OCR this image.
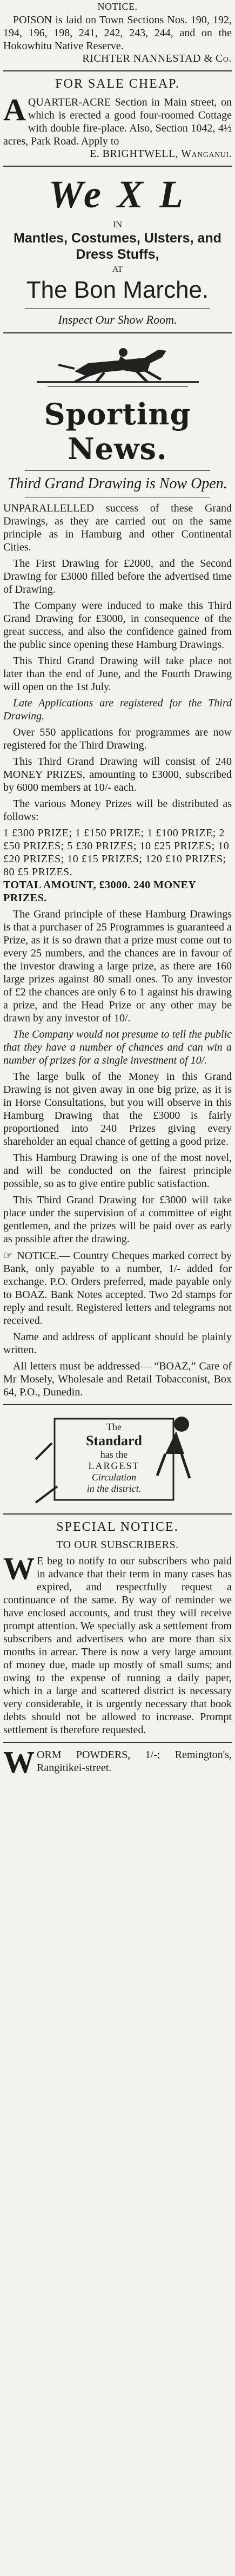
NOTICE.

POISON is laid on Town Sections Nos. 190, 192, 194, 196, 198, 241, 242, 243, 244, and on the Hokowhitu Native Reserve.

RICHTER NANNESTAD & Co.

FOR SALE CHEAP.

AQUARTER-ACRE Section in Main street, on which is erected a good four-roomed Cottage with double fire-place. Also, Section 1042, 4½ acres, Park Road. Apply to

E. BRIGHTWELL, Wanganui.

We X L
IN
Mantles, Costumes, Ulsters, and Dress Stuffs,
AT
The Bon Marche.
Inspect Our Show Room.
Sporting News.
Third Grand Drawing is Now Open.

UNPARALLELLED success of these Grand Drawings, as they are carried out on the same principle as in Hamburg and other Continental Cities.

The First Drawing for £2000, and the Second Drawing for £3000 filled before the advertised time of Drawing.

The Company were induced to make this Third Grand Drawing for £3000, in consequence of the great success, and also the confidence gained from the public since opening these Hamburg Drawings.

This Third Grand Drawing will take place not later than the end of June, and the Fourth Drawing will open on the 1st July.

Late Applications are registered for the Third Drawing.

Over 550 applications for programmes are now registered for the Third Drawing.

This Third Grand Drawing will consist of 240 MONEY PRIZES, amounting to £3000, subscribed by 6000 members at 10/- each.

The various Money Prizes will be distributed as follows:

1 £300 PRIZE; 1 £150 PRIZE; 1 £100 PRIZE; 2 £50 PRIZES; 5 £30 PRIZES; 10 £25 PRIZES; 10 £20 PRIZES; 10 £15 PRIZES; 120 £10 PRIZES; 80 £5 PRIZES.

TOTAL AMOUNT, £3000. 240 MONEY PRIZES.

The Grand principle of these Hamburg Drawings is that a purchaser of 25 Programmes is guaranteed a Prize, as it is so drawn that a prize must come out to every 25 numbers, and the chances are in favour of the investor drawing a large prize, as there are 160 large prizes against 80 small ones. To any investor of £2 the chances are only 6 to 1 against his drawing a prize, and the Head Prize or any other may be drawn by any investor of 10/.

The Company would not presume to tell the public that they have a number of chances and can win a number of prizes for a single investment of 10/.

The large bulk of the Money in this Grand Drawing is not given away in one big prize, as it is in Horse Consultations, but you will observe in this Hamburg Drawing that the £3000 is fairly proportioned into 240 Prizes giving every shareholder an equal chance of getting a good prize.

This Hamburg Drawing is one of the most novel, and will be conducted on the fairest principle possible, so as to give entire public satisfaction.

This Third Grand Drawing for £3000 will take place under the supervision of a committee of eight gentlemen, and the prizes will be paid over as early as possible after the drawing.

☞ NOTICE.— Country Cheques marked correct by Bank, only payable to a number, 1/- added for exchange. P.O. Orders preferred, made payable only to BOAZ. Bank Notes accepted. Two 2d stamps for reply and result. Registered letters and telegrams not received.

Name and address of applicant should be plainly written.

All letters must be addressed— “BOAZ,” Care of Mr Mosely, Wholesale and Retail Tobacconist, Box 64, P.O., Dunedin.

The
Standard
has the
LARGEST
Circulation
in the district.
SPECIAL NOTICE.
TO OUR SUBSCRIBERS.

W E beg to notify to our subscribers who paid in advance that their term in many cases has expired, and respectfully request a continuance of the same. By way of reminder we have enclosed accounts, and trust they will receive prompt attention. We specially ask a settlement from subscribers and advertisers who are more than six months in arrear. There is now a very large amount of money due, made up mostly of small sums; and owing to the expense of running a daily paper, which in a large and scattered district is necessary very considerable, it is urgently necessary that book debts should not be allowed to increase. Prompt settlement is therefore requested.

WORM POWDERS, 1/-; Remington's, Rangitikei-street.
